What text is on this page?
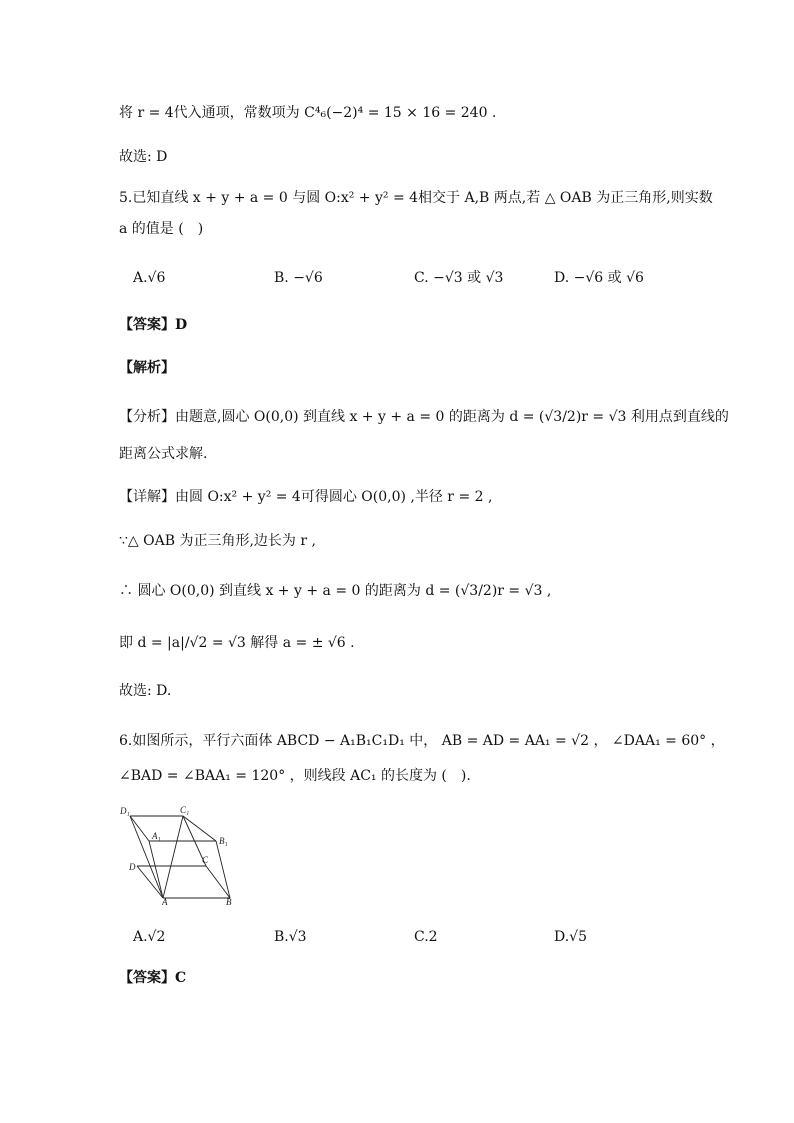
将 r = 4代入通项，常数项为 C⁴₆(−2)⁴ = 15 × 16 = 240 .
故选: D
5.已知直线 x + y + a = 0 与圆 O:x² + y² = 4相交于 A,B 两点,若 △ OAB 为正三角形,则实数
a 的值是 (　)
A.√6	B. −√6	C. −√3 或 √3	D. −√6 或 √6
【答案】D
【解析】
【分析】由题意,圆心 O(0,0) 到直线 x + y + a = 0 的距离为 d = (√3/2)r = √3 利用点到直线的
距离公式求解.
【详解】由圆 O:x² + y² = 4可得圆心 O(0,0) ,半径 r = 2 ,
∵△ OAB 为正三角形,边长为 r ,
∴ 圆心 O(0,0) 到直线 x + y + a = 0 的距离为 d = (√3/2)r = √3 ,
即 d = |a|/√2 = √3 解得 a = ± √6 .
故选: D.
6.如图所示，平行六面体 ABCD − A₁B₁C₁D₁ 中， AB = AD = AA₁ = √2 ， ∠DAA₁ = 60° ，
∠BAD = ∠BAA₁ = 120° ，则线段 AC₁ 的长度为 (　).
D₁	C₁
A₁	B₁
C
D
A	B
A.√2	B.√3	C.2	D.√5
【答案】C
